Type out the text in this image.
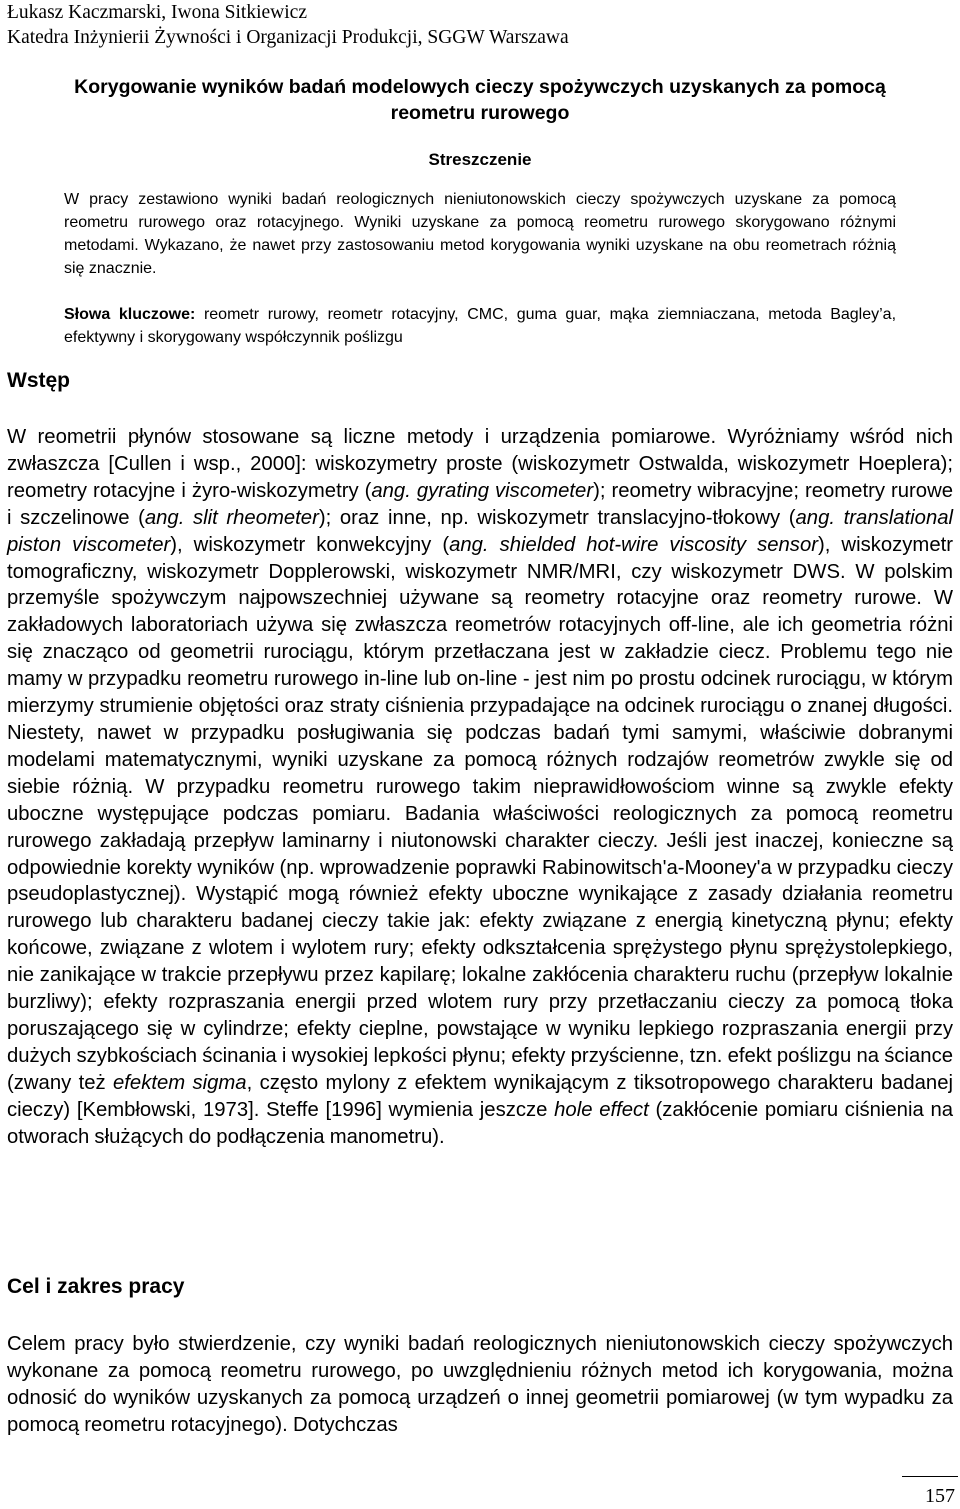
Łukasz Kaczmarski, Iwona Sitkiewicz
Katedra Inżynierii Żywności i Organizacji Produkcji, SGGW Warszawa
Korygowanie wyników badań modelowych cieczy spożywczych uzyskanych za pomocą reometru rurowego
Streszczenie

W pracy zestawiono wyniki badań reologicznych nieniutonowskich cieczy spożywczych uzyskane za pomocą reometru rurowego oraz rotacyjnego. Wyniki uzyskane za pomocą reometru rurowego skorygowano różnymi metodami. Wykazano, że nawet przy zastosowaniu metod korygowania wyniki uzyskane na obu reometrach różnią się znacznie.

Słowa kluczowe: reometr rurowy, reometr rotacyjny, CMC, guma guar, mąka ziemniaczana, metoda Bagley’a, efektywny i skorygowany współczynnik poślizgu

Wstęp

W reometrii płynów stosowane są liczne metody i urządzenia pomiarowe. Wyróżniamy wśród nich zwłaszcza [Cullen i wsp., 2000]: wiskozymetry proste (wiskozymetr Ostwalda, wiskozymetr Hoeplera); reometry rotacyjne i żyro-wiskozymetry (ang. gyrating viscometer); reometry wibracyjne; reometry rurowe i szczelinowe (ang. slit rheometer); oraz inne, np. wiskozymetr translacyjno-tłokowy (ang. translational piston viscometer), wiskozymetr konwekcyjny (ang. shielded hot-wire viscosity sensor), wiskozymetr tomograficzny, wiskozymetr Dopplerowski, wiskozymetr NMR/MRI, czy wiskozymetr DWS. W polskim przemyśle spożywczym najpowszechniej używane są reometry rotacyjne oraz reometry rurowe. W zakładowych laboratoriach używa się zwłaszcza reometrów rotacyjnych off-line, ale ich geometria różni się znacząco od geometrii rurociągu, którym przetłaczana jest w zakładzie ciecz. Problemu tego nie mamy w przypadku reometru rurowego in-line lub on-line - jest nim po prostu odcinek rurociągu, w którym mierzymy strumienie objętości oraz straty ciśnienia przypadające na odcinek rurociągu o znanej długości. Niestety, nawet w przypadku posługiwania się podczas badań tymi samymi, właściwie dobranymi modelami matematycznymi, wyniki uzyskane za pomocą różnych rodzajów reometrów zwykle się od siebie różnią. W przypadku reometru rurowego takim nieprawidłowościom winne są zwykle efekty uboczne występujące podczas pomiaru. Badania właściwości reologicznych za pomocą reometru rurowego zakładają przepływ laminarny i niutonowski charakter cieczy. Jeśli jest inaczej, konieczne są odpowiednie korekty wyników (np. wprowadzenie poprawki Rabinowitsch'a-Mooney'a w przypadku cieczy pseudoplastycznej). Wystąpić mogą również efekty uboczne wynikające z zasady działania reometru rurowego lub charakteru badanej cieczy takie jak: efekty związane z energią kinetyczną płynu; efekty końcowe, związane z wlotem i wylotem rury; efekty odkształcenia sprężystego płynu sprężystolepkiego, nie zanikające w trakcie przepływu przez kapilarę; lokalne zakłócenia charakteru ruchu (przepływ lokalnie burzliwy); efekty rozpraszania energii przed wlotem rury przy przetłaczaniu cieczy za pomocą tłoka poruszającego się w cylindrze; efekty cieplne, powstające w wyniku lepkiego rozpraszania energii przy dużych szybkościach ścinania i wysokiej lepkości płynu; efekty przyścienne, tzn. efekt poślizgu na ściance (zwany też efektem sigma, często mylony z efektem wynikającym z tiksotropowego charakteru badanej cieczy) [Kembłowski, 1973]. Steffe [1996] wymienia jeszcze hole effect (zakłócenie pomiaru ciśnienia na otworach służących do podłączenia manometru).

Cel i zakres pracy

Celem pracy było stwierdzenie, czy wyniki badań reologicznych nieniutonowskich cieczy spożywczych wykonane za pomocą reometru rurowego, po uwzględnieniu różnych metod ich korygowania, można odnosić do wyników uzyskanych za pomocą urządzeń o innej geometrii pomiarowej (w tym wypadku za pomocą reometru rotacyjnego). Dotychczas

157
